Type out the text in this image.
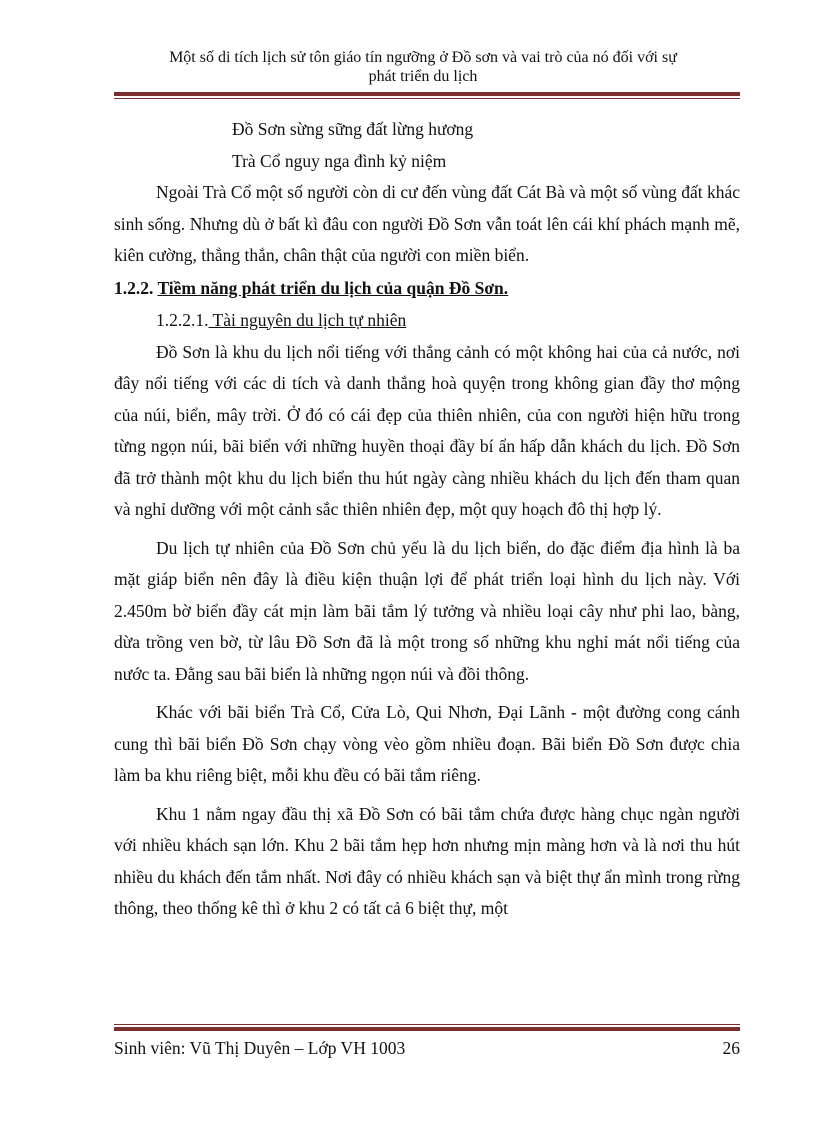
Một số di tích lịch sử tôn giáo tín ngưỡng ở Đồ sơn và vai trò của nó đối với sự
phát triển du lịch

Đồ Sơn sừng sững đất lừng hương

Trà Cổ nguy nga đình kỷ niệm

Ngoài Trà Cổ một số người còn di cư đến vùng đất Cát Bà và một số vùng đất khác sinh sống. Nhưng dù ở bất kì đâu con người Đồ Sơn vẫn toát lên cái khí phách mạnh mẽ, kiên cường, thẳng thắn, chân thật của người con miền biển.

1.2.2. Tiềm năng phát triển du lịch của quận Đồ Sơn.

1.2.2.1. Tài nguyên du lịch tự nhiên

Đồ Sơn là khu du lịch nổi tiếng với thắng cảnh có một không hai của cả nước, nơi đây nổi tiếng với các di tích và danh thắng hoà quyện trong không gian đầy thơ mộng của núi, biển, mây trời. Ở đó có cái đẹp của thiên nhiên, của con người hiện hữu trong từng ngọn núi, bãi biển với những huyền thoại đầy bí ẩn hấp dẫn khách du lịch. Đồ Sơn đã trở thành một khu du lịch biển thu hút ngày càng nhiều khách du lịch đến tham quan và nghỉ dưỡng với một cảnh sắc thiên nhiên đẹp, một quy hoạch đô thị hợp lý.

Du lịch tự nhiên của Đồ Sơn chủ yếu là du lịch biển, do đặc điểm địa hình là ba mặt giáp biển nên đây là điều kiện thuận lợi để phát triển loại hình du lịch này. Với 2.450m bờ biển đầy cát mịn làm bãi tắm lý tưởng và nhiều loại cây như phi lao, bàng, dừa trồng ven bờ, từ lâu Đồ Sơn đã là một trong số những khu nghỉ mát nổi tiếng của nước ta. Đằng sau bãi biển là những ngọn núi và đồi thông.

Khác với bãi biển Trà Cổ, Cửa Lò, Qui Nhơn, Đại Lãnh - một đường cong cánh cung thì bãi biển Đồ Sơn chạy vòng vèo gồm nhiều đoạn. Bãi biển Đồ Sơn được chia làm ba khu riêng biệt, mỗi khu đều có bãi tắm riêng.

Khu 1 nằm ngay đầu thị xã Đồ Sơn có bãi tắm chứa được hàng chục ngàn người với nhiều khách sạn lớn. Khu 2 bãi tắm hẹp hơn nhưng mịn màng hơn và là nơi thu hút nhiều du khách đến tắm nhất. Nơi đây có nhiều khách sạn và biệt thự ẩn mình trong rừng thông, theo thống kê thì ở khu 2 có tất cả 6 biệt thự, một

Sinh viên: Vũ Thị Duyên – Lớp VH 1003	26
